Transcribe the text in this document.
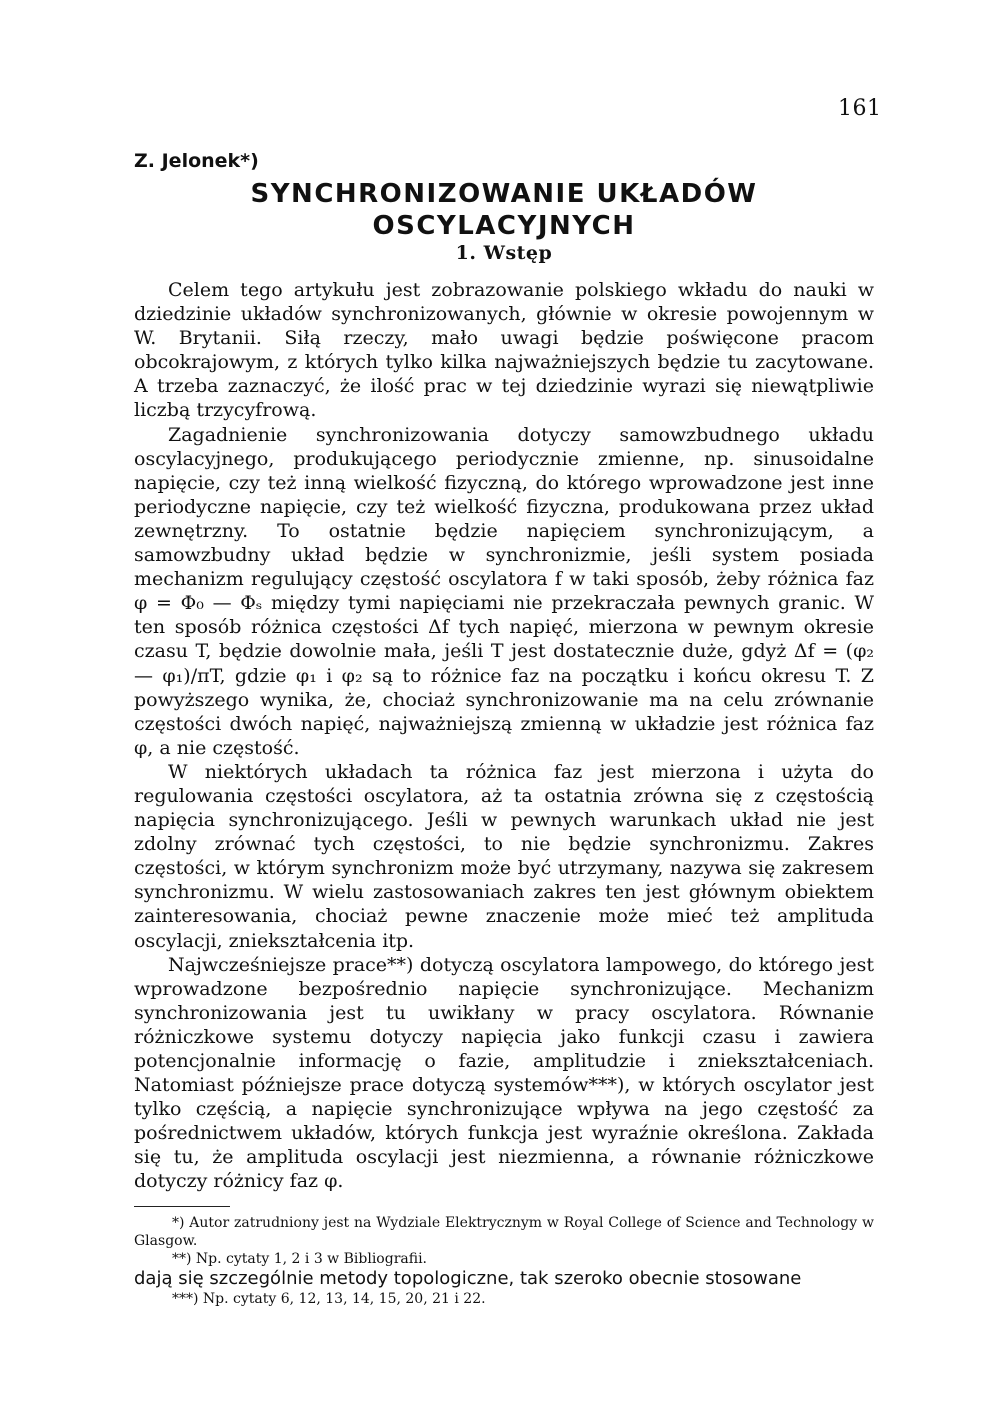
161
Z. Jelonek*)
SYNCHRONIZOWANIE UKŁADÓW
OSCYLACYJNYCH
1. Wstęp

Celem tego artykułu jest zobrazowanie polskiego wkładu do nauki w dziedzinie układów synchronizowanych, głównie w okresie powojennym w W. Brytanii. Siłą rzeczy, mało uwagi będzie poświęcone pracom obcokrajowym, z których tylko kilka najważniejszych będzie tu zacytowane. A trzeba zaznaczyć, że ilość prac w tej dziedzinie wyrazi się niewątpliwie liczbą trzycyfrową.

Zagadnienie synchronizowania dotyczy samowzbudnego układu oscylacyjnego, produkującego periodycznie zmienne, np. sinusoidalne napięcie, czy też inną wielkość fizyczną, do którego wprowadzone jest inne periodyczne napięcie, czy też wielkość fizyczna, produkowana przez układ zewnętrzny. To ostatnie będzie napięciem synchronizującym, a samowzbudny układ będzie w synchronizmie, jeśli system posiada mechanizm regulujący częstość oscylatora f w taki sposób, żeby różnica faz φ = Φ₀ — Φₛ między tymi napięciami nie przekraczała pewnych granic. W ten sposób różnica częstości Δf tych napięć, mierzona w pewnym okresie czasu T, będzie dowolnie mała, jeśli T jest dostatecznie duże, gdyż Δf = (φ₂ — φ₁)/πT, gdzie φ₁ i φ₂ są to różnice faz na początku i końcu okresu T. Z powyższego wynika, że, chociaż synchronizowanie ma na celu zrównanie częstości dwóch napięć, najważniejszą zmienną w układzie jest różnica faz φ, a nie częstość.

W niektórych układach ta różnica faz jest mierzona i użyta do regulowania częstości oscylatora, aż ta ostatnia zrówna się z częstością napięcia synchronizującego. Jeśli w pewnych warunkach układ nie jest zdolny zrównać tych częstości, to nie będzie synchronizmu. Zakres częstości, w którym synchronizm może być utrzymany, nazywa się zakresem synchronizmu. W wielu zastosowaniach zakres ten jest głównym obiektem zainteresowania, chociaż pewne znaczenie może mieć też amplituda oscylacji, zniekształcenia itp.

Najwcześniejsze prace**) dotyczą oscylatora lampowego, do którego jest wprowadzone bezpośrednio napięcie synchronizujące. Mechanizm synchronizowania jest tu uwikłany w pracy oscylatora. Równanie różniczkowe systemu dotyczy napięcia jako funkcji czasu i zawiera potencjonalnie informację o fazie, amplitudzie i zniekształceniach. Natomiast późniejsze prace dotyczą systemów***), w których oscylator jest tylko częścią, a napięcie synchronizujące wpływa na jego częstość za pośrednictwem układów, których funkcja jest wyraźnie określona. Zakłada się tu, że amplituda oscylacji jest niezmienna, a równanie różniczkowe dotyczy różnicy faz φ.

*) Autor zatrudniony jest na Wydziale Elektrycznym w Royal College of Science and Technology w Glasgow.

**) Np. cytaty 1, 2 i 3 w Bibliografii.

dają się szczególnie metody topologiczne, tak szeroko obecnie stosowane

***) Np. cytaty 6, 12, 13, 14, 15, 20, 21 i 22.
